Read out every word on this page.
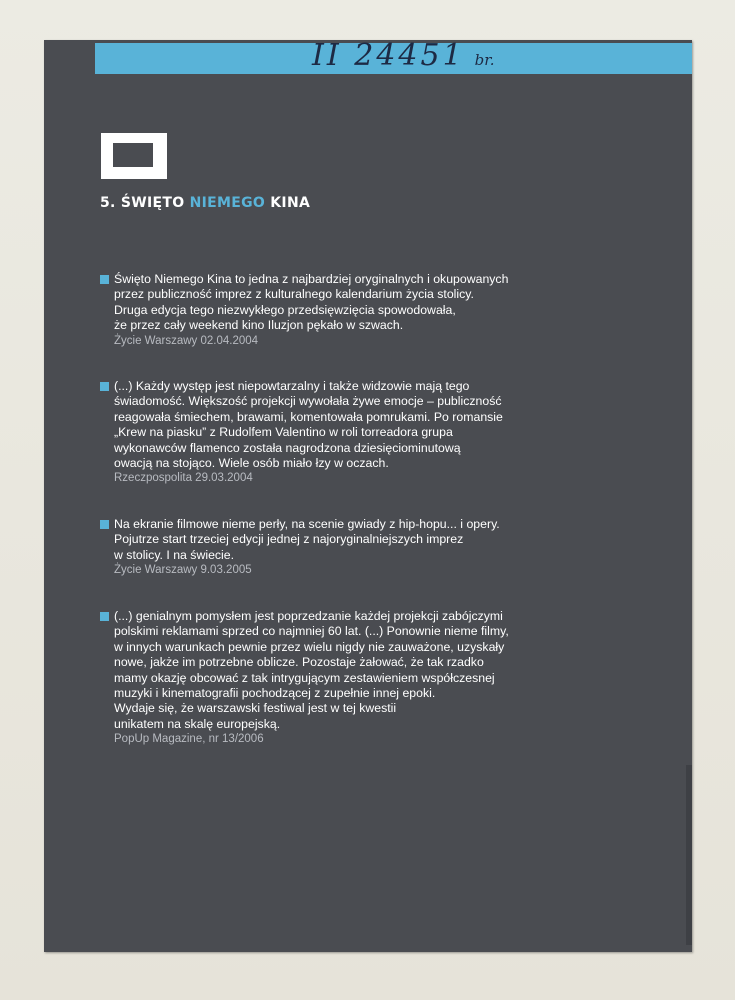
II 24451 br.
5. ŚWIĘTO NIEMEGO KINA
Święto Niemego Kina to jedna z najbardziej oryginalnych i okupowanych
przez publiczność imprez z kulturalnego kalendarium życia stolicy.
Druga edycja tego niezwykłego przedsięwzięcia spowodowała,
że przez cały weekend kino Iluzjon pękało w szwach.
Życie Warszawy 02.04.2004
(...) Każdy występ jest niepowtarzalny i także widzowie mają tego
świadomość. Większość projekcji wywołała żywe emocje – publiczność
reagowała śmiechem, brawami, komentowała pomrukami. Po romansie
„Krew na piasku” z Rudolfem Valentino w roli torreadora grupa
wykonawców flamenco została nagrodzona dziesięciominutową
owacją na stojąco. Wiele osób miało łzy w oczach.
Rzeczpospolita 29.03.2004
Na ekranie filmowe nieme perły, na scenie gwiady z hip-hopu... i opery.
Pojutrze start trzeciej edycji jednej z najoryginalniejszych imprez
w stolicy. I na świecie.
Życie Warszawy 9.03.2005
(...) genialnym pomysłem jest poprzedzanie każdej projekcji zabójczymi
polskimi reklamami sprzed co najmniej 60 lat. (...) Ponownie nieme filmy,
w innych warunkach pewnie przez wielu nigdy nie zauważone, uzyskały
nowe, jakże im potrzebne oblicze. Pozostaje żałować, że tak rzadko
mamy okazję obcować z tak intrygującym zestawieniem współczesnej
muzyki i kinematografii pochodzącej z zupełnie innej epoki.
Wydaje się, że warszawski festiwal jest w tej kwestii
unikatem na skalę europejską.
PopUp Magazine, nr 13/2006
